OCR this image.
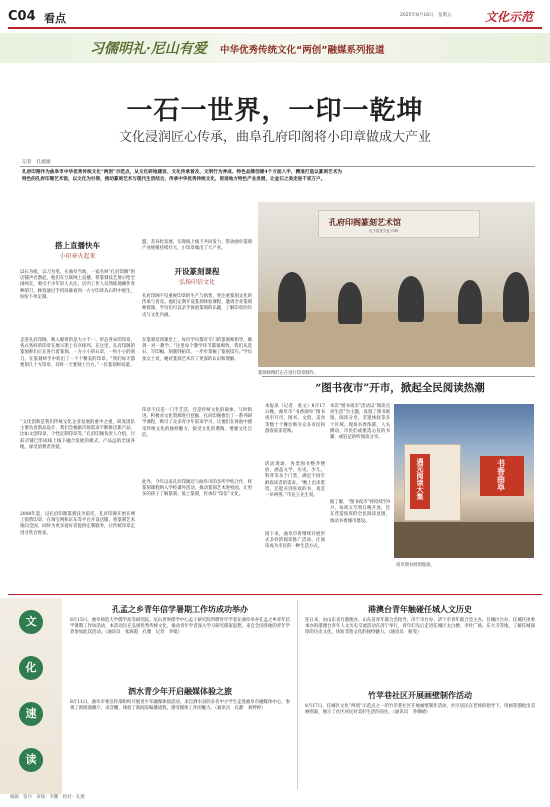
C04 看点	2025年8月18日　星期五	文化示范
习儒明礼·尼山有爱 中华优秀传统文化“两创”融媒系列报道
一石一世界，一印一乾坤
文化浸润匠心传承，曲阜孔府印阁将小印章做成大产业
记者　孔媛媛
孔府印阁作为曲阜市中华优秀传统文化“两创”示范点，从文化研地建设、文化传承普及、文明行为养成、特色品牌创建4个方面入手，精准打造以篆刻艺术为特色的孔府印阁艺术馆，以文化为引领，推动篆刻艺术与现代生活结合，传承中华优秀传统文化，促进地方特色产业发展，让金石之美走进千家万户。
搭上直播快车
小印章火起来
以石为纸，以刀为笔，在曲阜当地，一家名叫“孔府印阁”的店铺声名鹊起，他们在互联网上直播，将篆刻技艺展示给全国网友，吸引不少年轻人关注。店内工作人员熟练地操作各种刻刀，顾客通过手机屏幕看到一方方印章从石料中诞生，纷纷下单定制。
走进孔府印阁，映入眼帘的是大小不一、形态各异的印章，各式各样的印章在展示架上有序排列。在这里，孔府印阁的篆刻师们正在进行着篆刻。一方小小的石章，一枚小小的刻刀，在篆刻师手中转出了一个个精美的印章。“我们每天都要刻几十方印章，有时一天要刻上百方。”一位篆刻师说道。
“文化创新是我们传统文化企业发展的重中之重，研发团队主要负责新品设计，我们会根据市场需求不断推出新产品，比如文创印章、个性定制印章等。”孔府印阁负责人介绍，目前店铺已形成线上线下融合发展的模式，产品远销全国各地，深受消费者喜爱。
2008年起，以孔府印阁篆刻技为依托，孔府印阁开始在网上销售印章，在淘宝网和京东等平台开设店铺，将篆刻艺术推向全国，同时为更多爱好者提供定制服务，让传统印章走进寻常百姓家。
盟，差异化发展，实现线上线下共同发力，带动曲阜篆刻产业规模持续壮大，小印章做出了大产业。
开设篆刻课程
弘扬印信文化
孔府印阁不仅重视印章的生产与销售，更注重篆刻文化的传承与普及。他们定期开设篆刻体验课程，邀请专业篆刻师授课，学员们可以亲手体验篆刻的乐趣，了解印章的历史与文化内涵。
在篆刻培训课堂上，每位学员都有专门的篆刻师指导，做到一对一教学。“这里每个教学环节都很细致，我们从选石、写印稿、刻制到拓印，一步步掌握了篆刻技巧。”学员张女士说，她对篆刻艺术有了更深的认识和理解。
印章不仅是一门手艺活，还是传统文化的载体，与时俱进，积极对文化资源进行挖掘，孔府印阁推出了一系列研学课程，吸引了众多青少年前来学习，让他们在体验中感受传统文化的独特魅力，接受文化的熏陶，增强文化自信。
此外，今年以来孔府印阁还与曲阜市的多所学校合作，将篆刻课程纳入学校课外活动，推动篆刻艺术进校园，让更多的孩子了解篆刻、爱上篆刻，传承好“印信”文化。
孔府印阁篆刻艺术馆
孔子故里文化·印章
篆刻师傅们正在进行印章制作。
“图书夜市”开市，掀起全民阅读热潮
本报讯（记者　张文）8月17日晚，曲阜市“书香曲阜”图书夜市开市，图书、文创、美食等数十个摊位吸引众多市民和游客前来选购。
本次“图书夜市”活动以“阅读点亮生活”为主题，设置了图书展销、阅读分享、非遗体验等多个区域。现场书香浓郁，人头攒动，市民们或挑选心仪的书籍，或驻足聆听阅读分享。
活动现场，各类图书整齐摆放，涵盖文学、历史、少儿、科普等多个门类，满足不同年龄段读者的需求。“晚上出来逛逛，还能买到喜欢的书，真是一举两得。”市民王先生说。
据了解，“图书夜市”将持续至9月，每周五至周日晚开放，旨在营造浓厚的全民阅读氛围，推动书香城市建设。
接下来，曲阜市将继续开展形式多样的阅读推广活动，让阅读成为市民的一种生活方式。
遇见阅读大集	书香曲阜
夜市图书展销现场。
文
化
速
读
孔孟之乡青年信学暑期工作坊成功举办
8月15日，曲阜师范大学儒学高等研究院、尼山世界儒学中心孟子研究院所聘青年学者在曲阜举办孔孟之乡青年信学暑期工作坊活动，本活动旨在弘扬优秀传统文化，推动青年学者深入学习研究儒家思想，来自全国各地的青年学者参加此次活动。（通讯员　张海霞　孔雅　记者　李娟）
泗水青少年开启融媒体验之旅
8月11日，曲阜市委宣传部组织开展青少年融媒体验活动，来自泗水县的多名中小学生走进曲阜市融媒体中心，参观了新闻演播厅、录音棚，体验了新闻采编播流程，感受媒体工作的魅力。（通讯员　孔静　刘婷婷）
港澳台青年触碰任城人文历史
连日来，由山东省台港澳办、山东省青年联合会指导，济宁市台办、济宁市青年联合会主办，任城区台办、任城区团委承办的港澳台青年人文历史交流活动在济宁举行，青年们先后走进任城区太白楼、李杜广场、东大寺等地，了解任城深厚的历史文化，体验非遗文化的独特魅力。（通讯员　杨雯）
竹苹巷社区开展画壁制作活动
8月17日，任城区文化“两创”示范点之一的竹苹巷社区开展画壁制作活动，社区居民在老师的指导下，用画笔描绘出美丽图案，展示了社区居民对美好生活的向往。（通讯员　乔晓晴）
编辑：张丹　审核：李鹏　校对：孔燕
